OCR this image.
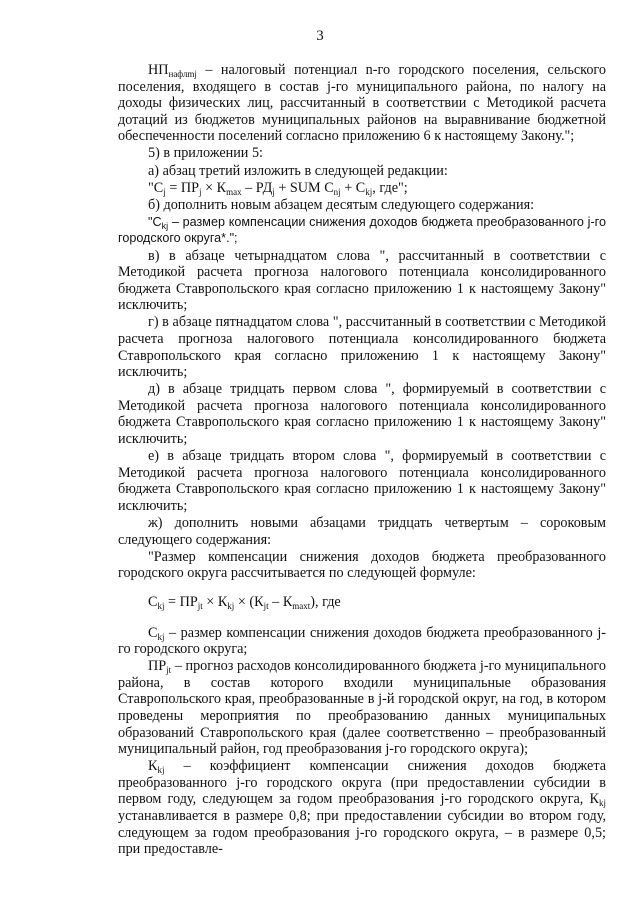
3

$НП_{нафлmj}$ – налоговый потенциал n-го городского поселения, сельского поселения, входящего в состав j-го муниципального района, по налогу на доходы физических лиц, рассчитанный в соответствии с Методикой расчета дотаций из бюджетов муниципальных районов на выравнивание бюджетной обеспеченности поселений согласно приложению 6 к настоящему Закону.";

5) в приложении 5:

а) абзац третий изложить в следующей редакции:

"$С_j = ПР_j \times К_{max} - РД_j$ + SUM $С_{nj} + С_{kj}$, где";

б) дополнить новым абзацем десятым следующего содержания:

"$С_{kj}$ – размер компенсации снижения доходов бюджета преобразованного j-го городского округа*.";

в) в абзаце четырнадцатом слова ", рассчитанный в соответствии с Методикой расчета прогноза налогового потенциала консолидированного бюджета Ставропольского края согласно приложению 1 к настоящему Закону" исключить;

г) в абзаце пятнадцатом слова ", рассчитанный в соответствии с Методикой расчета прогноза налогового потенциала консолидированного бюджета Ставропольского края согласно приложению 1 к настоящему Закону" исключить;

д) в абзаце тридцать первом слова ", формируемый в соответствии с Методикой расчета прогноза налогового потенциала консолидированного бюджета Ставропольского края согласно приложению 1 к настоящему Закону" исключить;

е) в абзаце тридцать втором слова ", формируемый в соответствии с Методикой расчета прогноза налогового потенциала консолидированного бюджета Ставропольского края согласно приложению 1 к настоящему Закону" исключить;

ж) дополнить новыми абзацами тридцать четвертым – сороковым следующего содержания:

"Размер компенсации снижения доходов бюджета преобразованного городского округа рассчитывается по следующей формуле:

$С_{kj} = ПР_{jt} \times К_{kj} \times (К_{jt} - К_{maxt})$, где

$С_{kj}$ – размер компенсации снижения доходов бюджета преобразованного j-го городского округа;

$ПР_{jt}$ – прогноз расходов консолидированного бюджета j-го муниципального района, в состав которого входили муниципальные образования Ставропольского края, преобразованные в j-й городской округ, на год, в котором проведены мероприятия по преобразованию данных муниципальных образований Ставропольского края (далее соответственно – преобразованный муниципальный район, год преобразования j-го городского округа);

$К_{kj}$ – коэффициент компенсации снижения доходов бюджета преобразованного j-го городского округа (при предоставлении субсидии в первом году, следующем за годом преобразования j-го городского округа, $К_{kj}$ устанавливается в размере 0,8; при предоставлении субсидии во втором году, следующем за годом преобразования j-го городского округа, – в размере 0,5; при предоставле-
